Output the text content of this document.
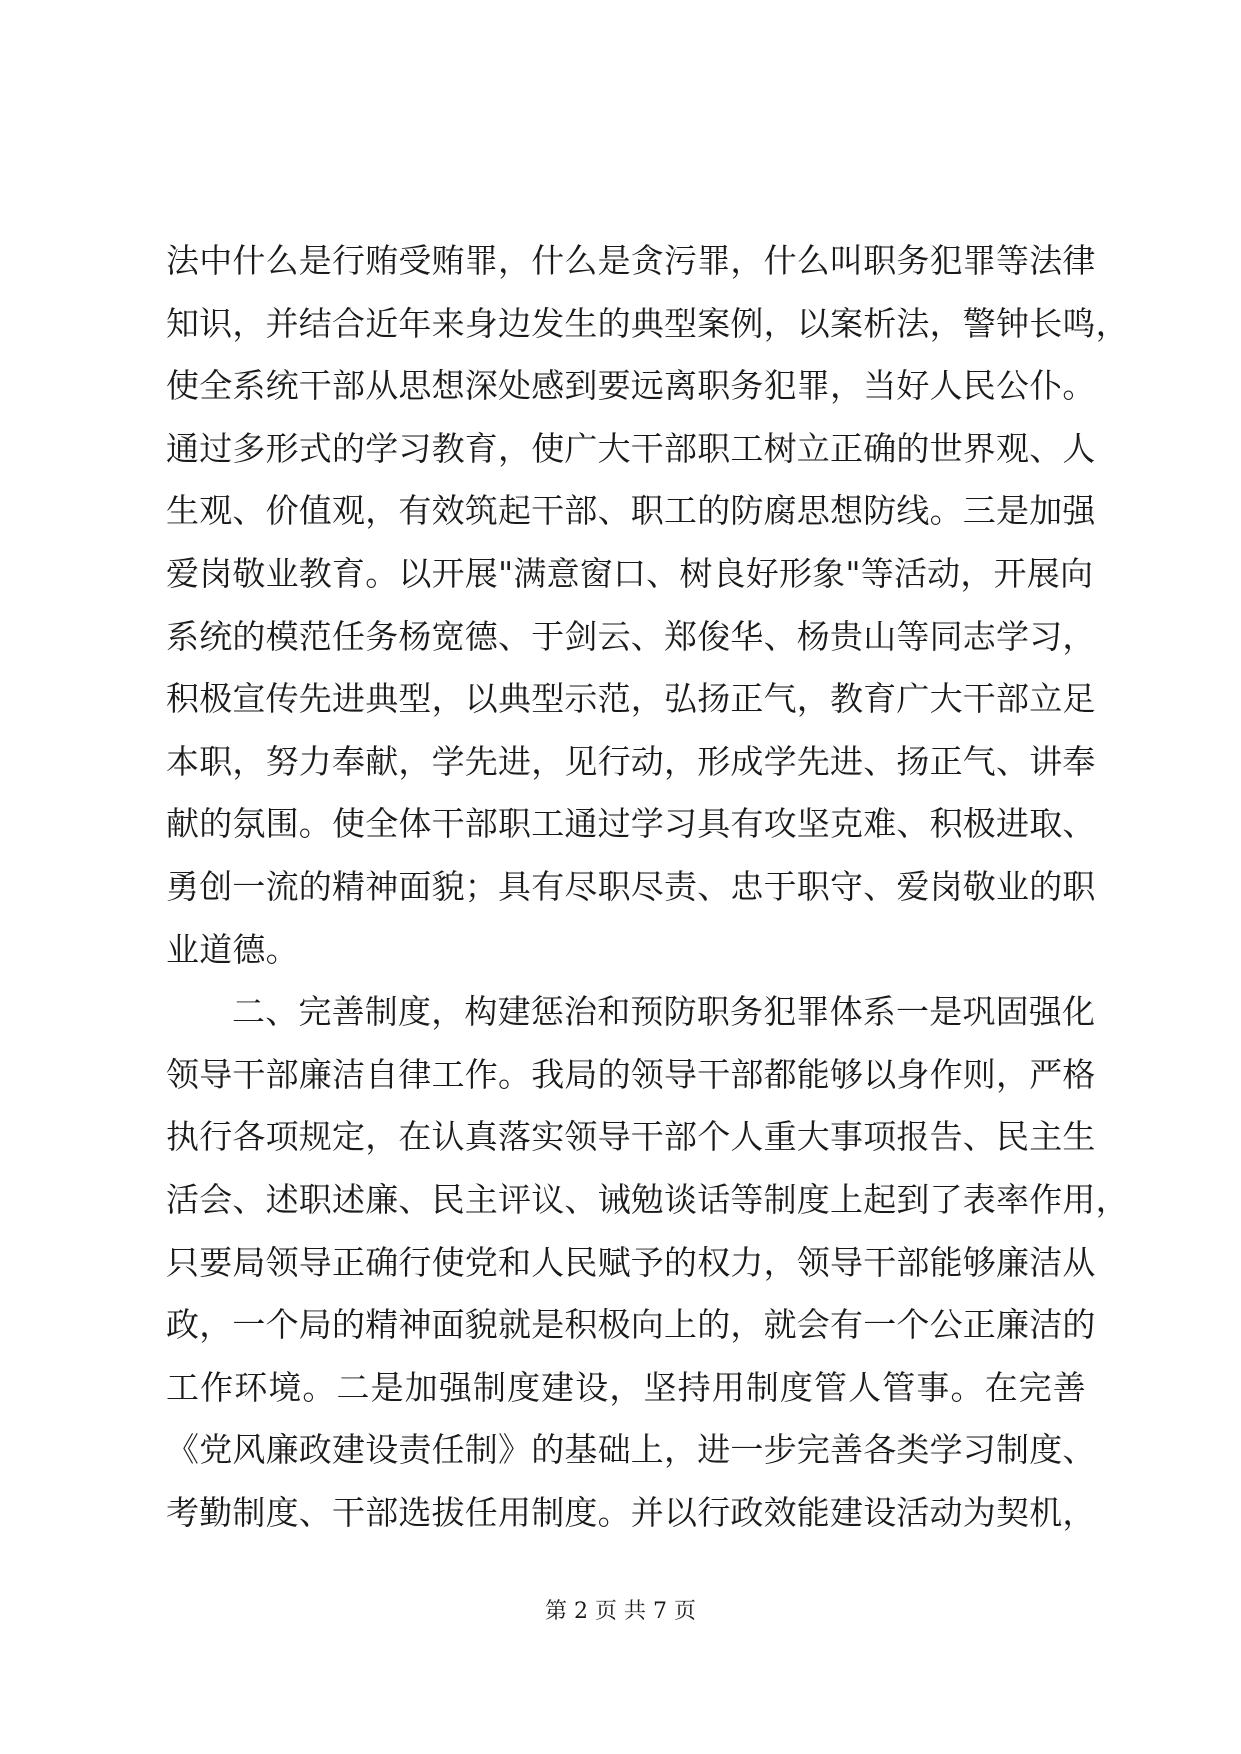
法中什么是行贿受贿罪，什么是贪污罪，什么叫职务犯罪等法律
知识，并结合近年来身边发生的典型案例，以案析法，警钟长鸣，
使全系统干部从思想深处感到要远离职务犯罪，当好人民公仆。
通过多形式的学习教育，使广大干部职工树立正确的世界观、人
生观、价值观，有效筑起干部、职工的防腐思想防线。三是加强
爱岗敬业教育。以开展"满意窗口、树良好形象"等活动，开展向
系统的模范任务杨宽德、于剑云、郑俊华、杨贵山等同志学习，
积极宣传先进典型，以典型示范，弘扬正气，教育广大干部立足
本职，努力奉献，学先进，见行动，形成学先进、扬正气、讲奉
献的氛围。使全体干部职工通过学习具有攻坚克难、积极进取、
勇创一流的精神面貌；具有尽职尽责、忠于职守、爱岗敬业的职
业道德。
二、完善制度，构建惩治和预防职务犯罪体系一是巩固强化
领导干部廉洁自律工作。我局的领导干部都能够以身作则，严格
执行各项规定，在认真落实领导干部个人重大事项报告、民主生
活会、述职述廉、民主评议、诫勉谈话等制度上起到了表率作用，
只要局领导正确行使党和人民赋予的权力，领导干部能够廉洁从
政，一个局的精神面貌就是积极向上的，就会有一个公正廉洁的
工作环境。二是加强制度建设，坚持用制度管人管事。在完善
《党风廉政建设责任制》的基础上，进一步完善各类学习制度、
考勤制度、干部选拔任用制度。并以行政效能建设活动为契机，
第 2 页 共 7 页
